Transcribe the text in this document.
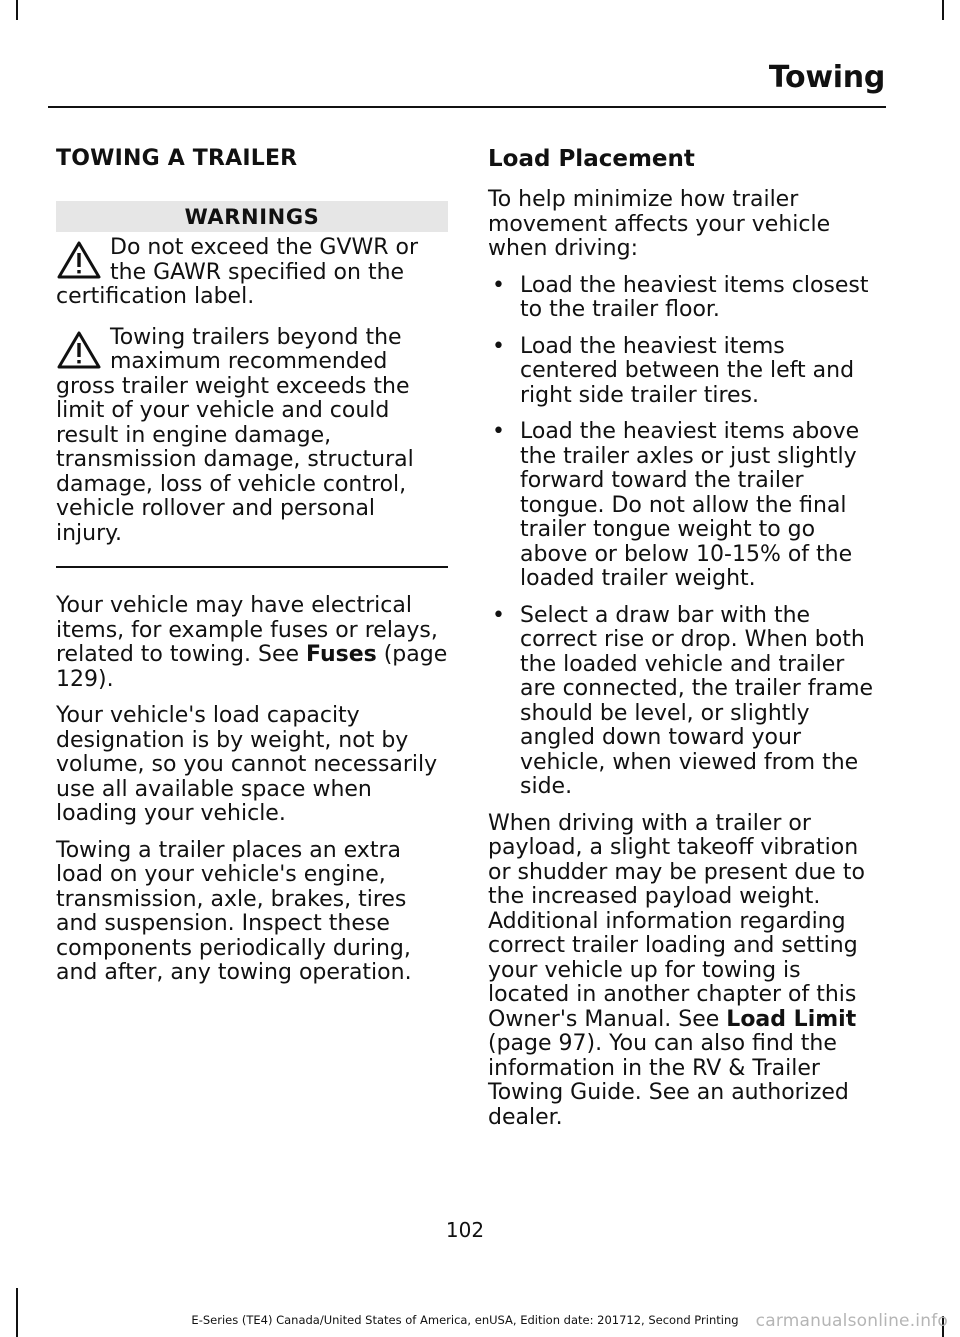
Towing
TOWING A TRAILER
WARNINGS
Do not exceed the GVWR or the GAWR specified on the certification label.
Towing trailers beyond the maximum recommended gross trailer weight exceeds the limit of your vehicle and could result in engine damage, transmission damage, structural damage, loss of vehicle control, vehicle rollover and personal injury.

Your vehicle may have electrical items, for example fuses or relays, related to towing. See Fuses (page 129).

Your vehicle's load capacity designation is by weight, not by volume, so you cannot necessarily use all available space when loading your vehicle.

Towing a trailer places an extra load on your vehicle's engine, transmission, axle, brakes, tires and suspension. Inspect these components periodically during, and after, any towing operation.

Load Placement

To help minimize how trailer movement affects your vehicle when driving:

• Load the heaviest items closest to the trailer floor.
• Load the heaviest items centered between the left and right side trailer tires.
• Load the heaviest items above the trailer axles or just slightly forward toward the trailer tongue. Do not allow the final trailer tongue weight to go above or below 10-15% of the loaded trailer weight.
• Select a draw bar with the correct rise or drop. When both the loaded vehicle and trailer are connected, the trailer frame should be level, or slightly angled down toward your vehicle, when viewed from the side.

When driving with a trailer or payload, a slight takeoff vibration or shudder may be present due to the increased payload weight. Additional information regarding correct trailer loading and setting your vehicle up for towing is located in another chapter of this Owner's Manual. See Load Limit (page 97). You can also find the information in the RV & Trailer Towing Guide. See an authorized dealer.

102
E-Series (TE4) Canada/United States of America, enUSA, Edition date: 201712, Second Printing	carmanualsonline.info
